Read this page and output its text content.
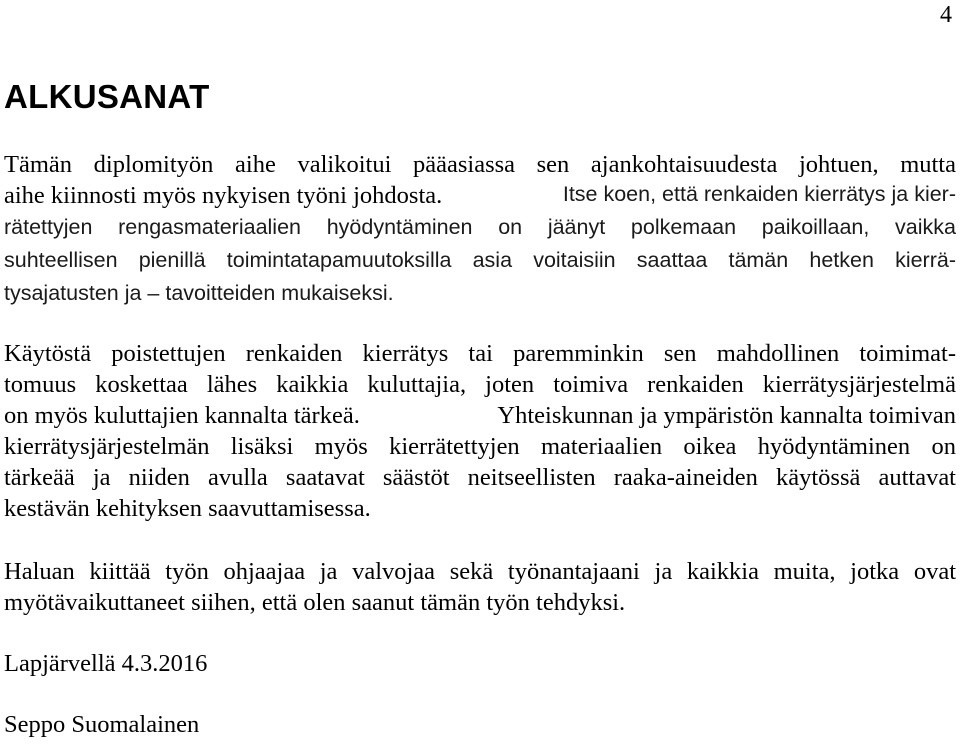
4
ALKUSANAT
Tämän diplomityön aihe valikoitui pääasiassa sen ajankohtaisuudesta johtuen, mutta
aihe kiinnosti myös nykyisen työni johdosta.	Itse koen, että renkaiden kierrätys ja kier-
rätettyjen rengasmateriaalien hyödyntäminen on jäänyt polkemaan paikoillaan, vaikka
suhteellisen pienillä toimintatapamuutoksilla asia voitaisiin saattaa tämän hetken kierrä-
tysajatusten ja – tavoitteiden mukaiseksi.
Käytöstä poistettujen renkaiden kierrätys tai paremminkin sen mahdollinen toimimat-
tomuus koskettaa lähes kaikkia kuluttajia, joten toimiva renkaiden kierrätysjärjestelmä
on myös kuluttajien kannalta tärkeä.	Yhteiskunnan ja ympäristön kannalta toimivan
kierrätysjärjestelmän lisäksi myös kierrätettyjen materiaalien oikea hyödyntäminen on
tärkeää ja niiden avulla saatavat säästöt neitseellisten raaka-aineiden käytössä auttavat
kestävän kehityksen saavuttamisessa.
Haluan kiittää työn ohjaajaa ja valvojaa sekä työnantajaani ja kaikkia muita, jotka ovat
myötävaikuttaneet siihen, että olen saanut tämän työn tehdyksi.
Lapjärvellä 4.3.2016
Seppo Suomalainen
